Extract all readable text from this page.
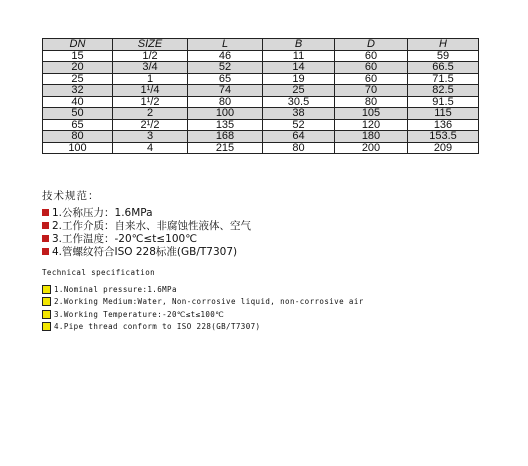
DN	SIZE	L	B	D	H
15	1/2	46	11	60	59
20	3/4	52	14	60	66.5
25	1	65	19	60	71.5
32	1¹/4	74	25	70	82.5
40	1¹/2	80	30.5	80	91.5
50	2	100	38	105	115
65	2¹/2	135	52	120	136
80	3	168	64	180	153.5
100	4	215	80	200	209
技术规范：
1.公称压力：1.6MPa
2.工作介质：自来水、非腐蚀性液体、空气
3.工作温度：-20℃≤t≤100℃
4.管螺纹符合ISO 228标准(GB/T7307)
Technical specification
1.Nominal pressure:1.6MPa
2.Working Medium:Water, Non-corrosive liquid, non-corrosive air
3.Working Temperature:-20℃≤t≤100℃
4.Pipe thread conform to ISO 228(GB/T7307)
